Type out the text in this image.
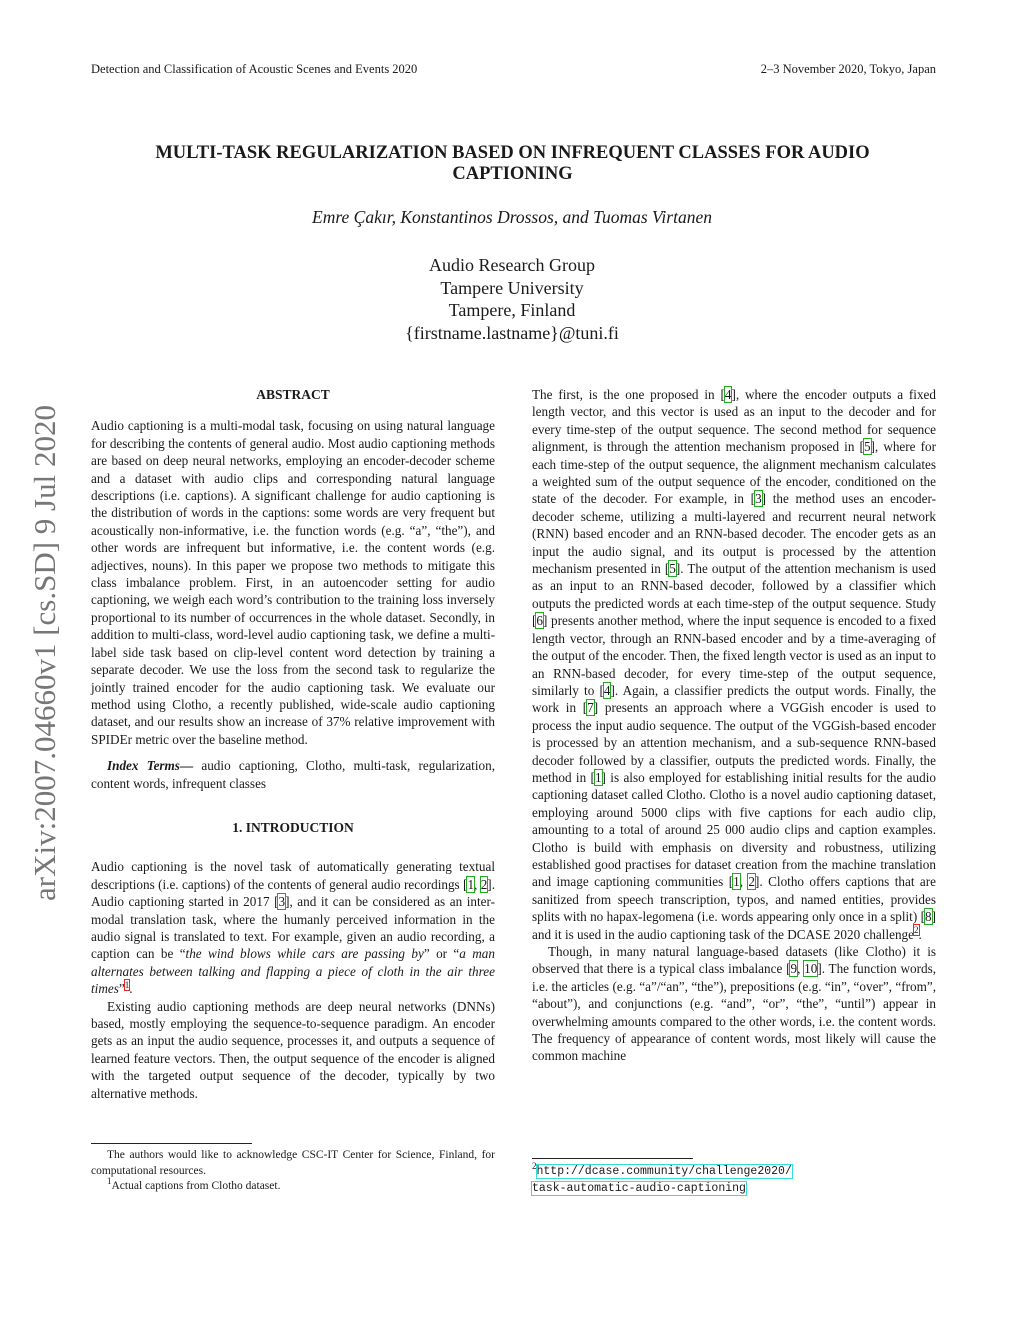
Detection and Classification of Acoustic Scenes and Events 2020	2–3 November 2020, Tokyo, Japan
MULTI-TASK REGULARIZATION BASED ON INFREQUENT CLASSES FOR AUDIO CAPTIONING
Emre Çakır, Konstantinos Drossos, and Tuomas Virtanen
Audio Research Group
Tampere University
Tampere, Finland
{firstname.lastname}@tuni.fi
arXiv:2007.04660v1 [cs.SD] 9 Jul 2020
ABSTRACT

Audio captioning is a multi-modal task, focusing on using natural language for describing the contents of general audio. Most audio captioning methods are based on deep neural networks, employing an encoder-decoder scheme and a dataset with audio clips and corresponding natural language descriptions (i.e. captions). A significant challenge for audio captioning is the distribution of words in the captions: some words are very frequent but acoustically non-informative, i.e. the function words (e.g. “a”, “the”), and other words are infrequent but informative, i.e. the content words (e.g. adjectives, nouns). In this paper we propose two methods to mitigate this class imbalance problem. First, in an autoencoder setting for audio captioning, we weigh each word’s contribution to the training loss inversely proportional to its number of occurrences in the whole dataset. Secondly, in addition to multi-class, word-level audio captioning task, we define a multi-label side task based on clip-level content word detection by training a separate decoder. We use the loss from the second task to regularize the jointly trained encoder for the audio captioning task. We evaluate our method using Clotho, a recently published, wide-scale audio captioning dataset, and our results show an increase of 37% relative improvement with SPIDEr metric over the baseline method.

Index Terms— audio captioning, Clotho, multi-task, regularization, content words, infrequent classes

1. INTRODUCTION

Audio captioning is the novel task of automatically generating textual descriptions (i.e. captions) of the contents of general audio recordings [1, 2]. Audio captioning started in 2017 [3], and it can be considered as an inter-modal translation task, where the humanly perceived information in the audio signal is translated to text. For example, given an audio recording, a caption can be “the wind blows while cars are passing by” or “a man alternates between talking and flapping a piece of cloth in the air three times”$^1$.

Existing audio captioning methods are deep neural networks (DNNs) based, mostly employing the sequence-to-sequence paradigm. An encoder gets as an input the audio sequence, processes it, and outputs a sequence of learned feature vectors. Then, the output sequence of the encoder is aligned with the targeted output sequence of the decoder, typically by two alternative methods.

The authors would like to acknowledge CSC-IT Center for Science, Finland, for computational resources.

$^1$Actual captions from Clotho dataset.

The first, is the one proposed in [4], where the encoder outputs a fixed length vector, and this vector is used as an input to the decoder and for every time-step of the output sequence. The second method for sequence alignment, is through the attention mechanism proposed in [5], where for each time-step of the output sequence, the alignment mechanism calculates a weighted sum of the output sequence of the encoder, conditioned on the state of the decoder. For example, in [3] the method uses an encoder-decoder scheme, utilizing a multi-layered and recurrent neural network (RNN) based encoder and an RNN-based decoder. The encoder gets as an input the audio signal, and its output is processed by the attention mechanism presented in [5]. The output of the attention mechanism is used as an input to an RNN-based decoder, followed by a classifier which outputs the predicted words at each time-step of the output sequence. Study [6] presents another method, where the input sequence is encoded to a fixed length vector, through an RNN-based encoder and by a time-averaging of the output of the encoder. Then, the fixed length vector is used as an input to an RNN-based decoder, for every time-step of the output sequence, similarly to [4]. Again, a classifier predicts the output words. Finally, the work in [7] presents an approach where a VGGish encoder is used to process the input audio sequence. The output of the VGGish-based encoder is processed by an attention mechanism, and a sub-sequence RNN-based decoder followed by a classifier, outputs the predicted words. Finally, the method in [1] is also employed for establishing initial results for the audio captioning dataset called Clotho. Clotho is a novel audio captioning dataset, employing around 5000 clips with five captions for each audio clip, amounting to a total of around 25 000 audio clips and caption examples. Clotho is build with emphasis on diversity and robustness, utilizing established good practises for dataset creation from the machine translation and image captioning communities [1, 2]. Clotho offers captions that are sanitized from speech transcription, typos, and named entities, provides splits with no hapax-legomena (i.e. words appearing only once in a split) [8] and it is used in the audio captioning task of the DCASE 2020 challenge$^2$.

Though, in many natural language-based datasets (like Clotho) it is observed that there is a typical class imbalance [9, 10]. The function words, i.e. the articles (e.g. “a”/“an”, “the”), prepositions (e.g. “in”, “over”, “from”, “about”), and conjunctions (e.g. “and”, “or”, “the”, “until”) appear in overwhelming amounts compared to the other words, i.e. the content words. The frequency of appearance of content words, most likely will cause the common machine

$^2$http://dcase.community/challenge2020/
task-automatic-audio-captioning
